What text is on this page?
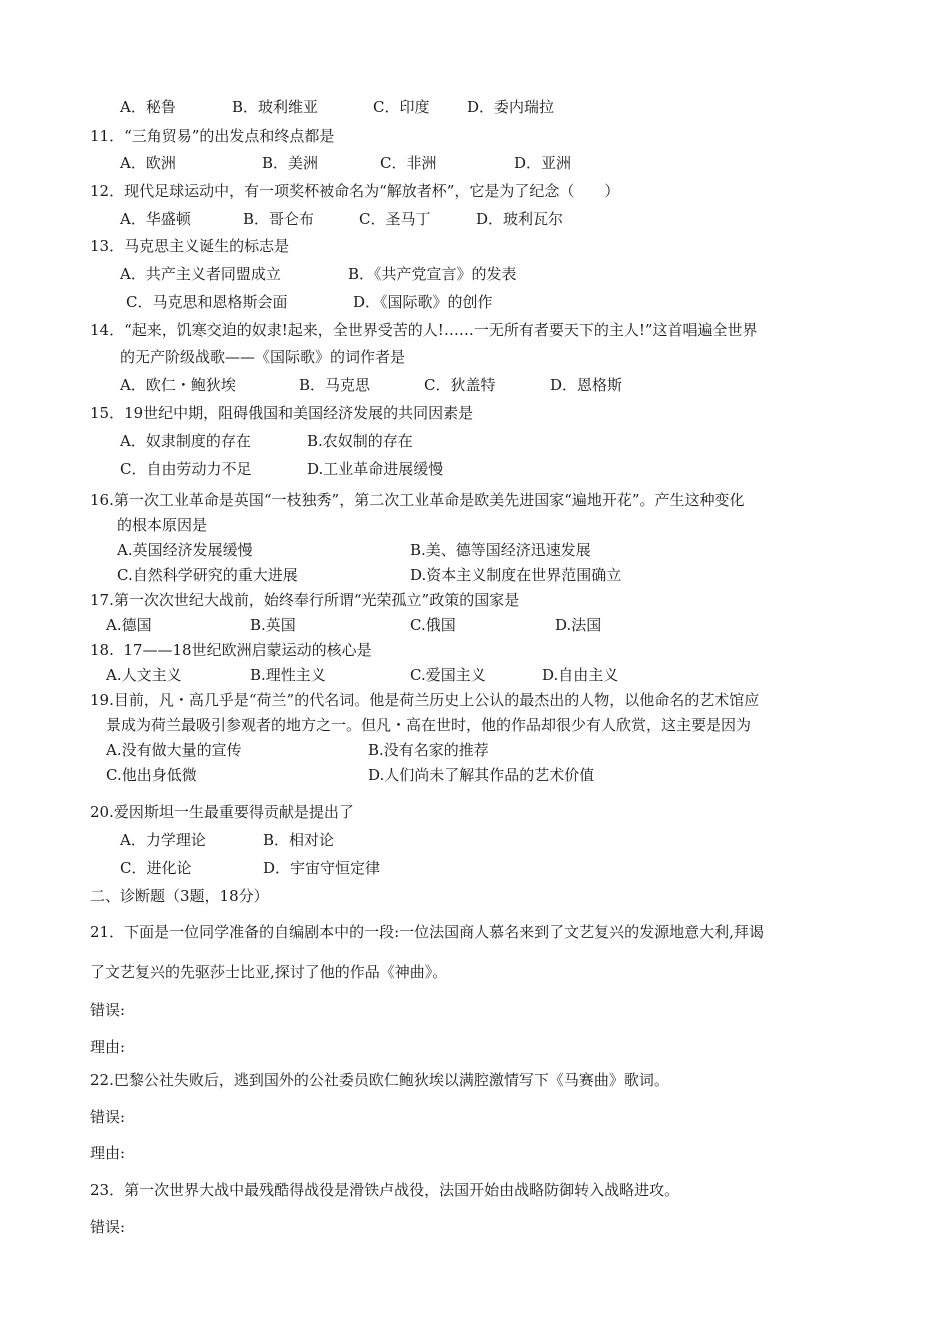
A．秘鲁	B．玻利维亚	C．印度	D．委内瑞拉
11．“三角贸易”的出发点和终点都是
A．欧洲	B．美洲	C．非洲	D．亚洲
12．现代足球运动中，有一项奖杯被命名为“解放者杯”，它是为了纪念（　　）
A．华盛顿	B．哥仑布	C．圣马丁	D．玻利瓦尔
13．马克思主义诞生的标志是
A．共产主义者同盟成立	B．《共产党宣言》的发表
C．马克思和恩格斯会面	D．《国际歌》的创作
14．“起来，饥寒交迫的奴隶!起来，全世界受苦的人!……一无所有者要天下的主人!”这首唱遍全世界
的无产阶级战歌——《国际歌》的词作者是
A．欧仁・鲍狄埃	B．马克思	C．狄盖特	D．恩格斯
15．19世纪中期，阻碍俄国和美国经济发展的共同因素是
A．奴隶制度的存在	B.农奴制的存在
C．自由劳动力不足	D.工业革命进展缓慢
16.第一次工业革命是英国“一枝独秀”，第二次工业革命是欧美先进国家“遍地开花”。产生这种变化
的根本原因是
A.英国经济发展缓慢	B.美、德等国经济迅速发展
C.自然科学研究的重大进展	D.资本主义制度在世界范围确立
17.第一次次世纪大战前，始终奉行所谓“光荣孤立”政策的国家是
A.德国	B.英国	C.俄国	D.法国
18.  17——18世纪欧洲启蒙运动的核心是
A.人文主义	B.理性主义	C.爱国主义	D.自由主义
19.目前，凡・高几乎是“荷兰”的代名词。他是荷兰历史上公认的最杰出的人物，以他命名的艺术馆应
景成为荷兰最吸引参观者的地方之一。但凡・高在世时，他的作品却很少有人欣赏，这主要是因为
A.没有做大量的宣传	B.没有名家的推荐
C.他出身低微	D.人们尚未了解其作品的艺术价值
20.爱因斯坦一生最重要得贡献是提出了
A．力学理论	B．相对论
C．进化论	D．宇宙守恒定律
二、诊断题（3题，18分）
21．下面是一位同学准备的自编剧本中的一段:一位法国商人慕名来到了文艺复兴的发源地意大利,拜谒
了文艺复兴的先驱莎士比亚,探讨了他的作品《神曲》。
错误:
理由:
22.巴黎公社失败后，逃到国外的公社委员欧仁鲍狄埃以满腔激情写下《马赛曲》歌词。
错误:
理由:
23．第一次世界大战中最残酷得战役是滑铁卢战役，法国开始由战略防御转入战略进攻。
错误:
